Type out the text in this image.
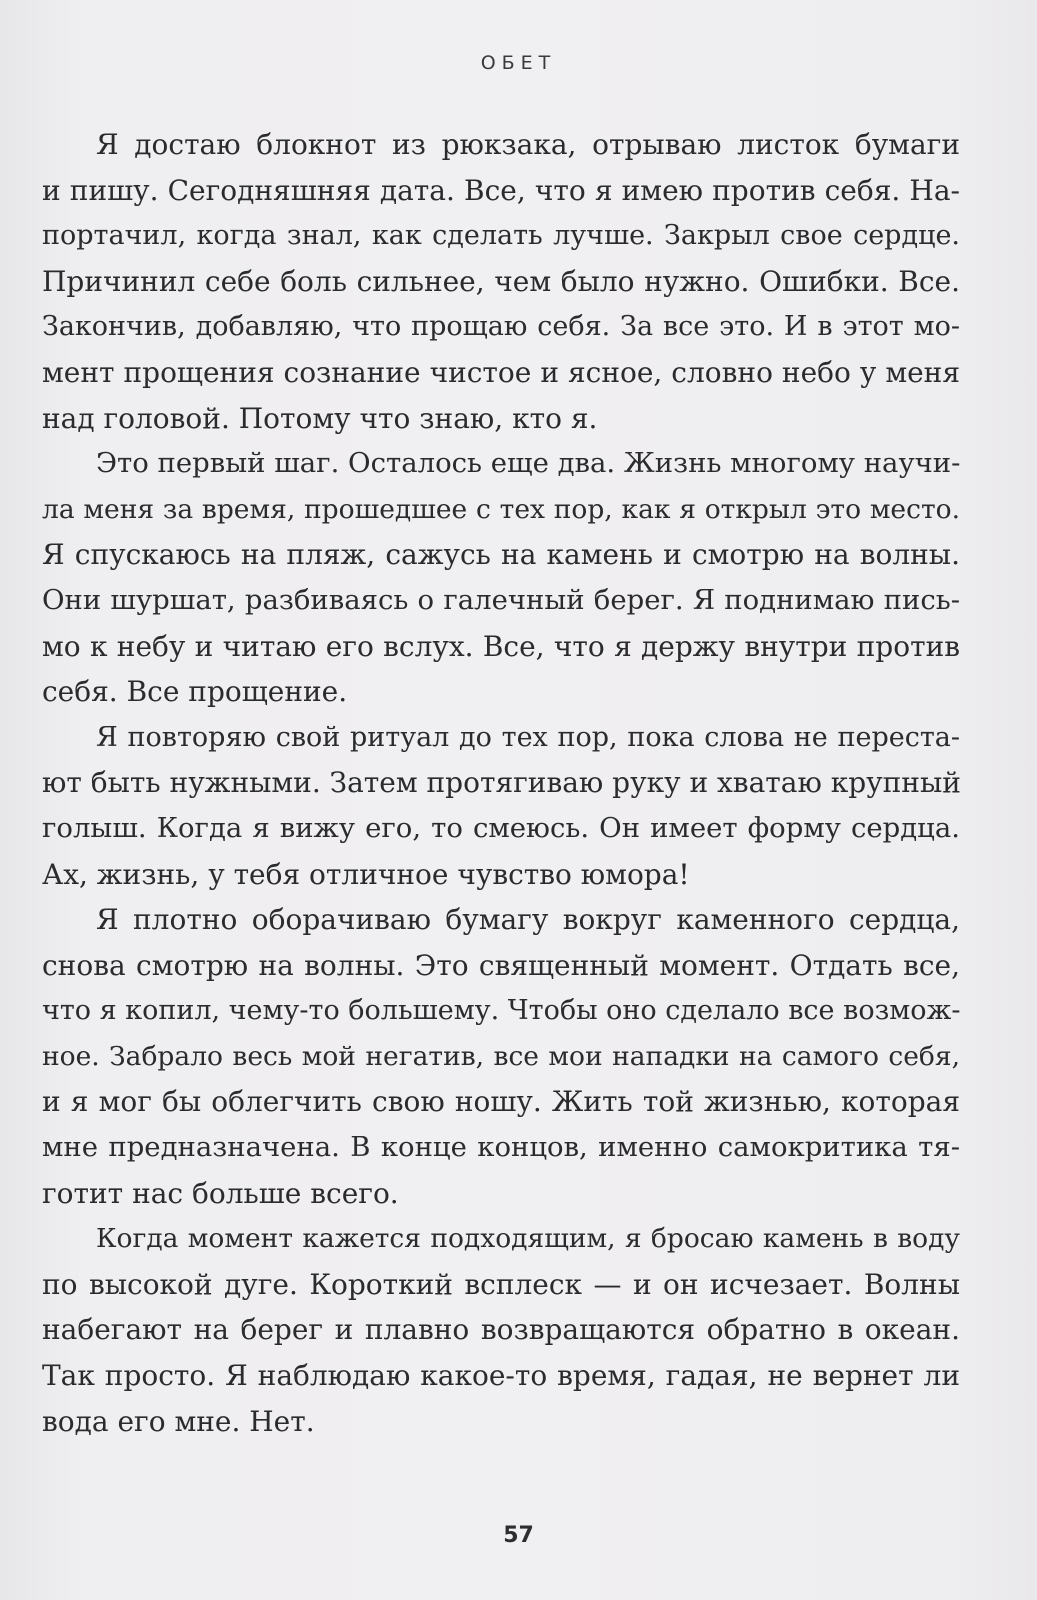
ОБЕТ
Я достаю блокнот из рюкзака, отрываю листок бумаги
и пишу. Сегодняшняя дата. Все, что я имею против себя. На-
портачил, когда знал, как сделать лучше. Закрыл свое сердце.
Причинил себе боль сильнее, чем было нужно. Ошибки. Все.
Закончив, добавляю, что прощаю себя. За все это. И в этот мо-
мент прощения сознание чистое и ясное, словно небо у меня
над головой. Потому что знаю, кто я.
Это первый шаг. Осталось еще два. Жизнь многому научи-
ла меня за время, прошедшее с тех пор, как я открыл это место.
Я спускаюсь на пляж, сажусь на камень и смотрю на волны.
Они шуршат, разбиваясь о галечный берег. Я поднимаю пись-
мо к небу и читаю его вслух. Все, что я держу внутри против
себя. Все прощение.
Я повторяю свой ритуал до тех пор, пока слова не переста-
ют быть нужными. Затем протягиваю руку и хватаю крупный
голыш. Когда я вижу его, то смеюсь. Он имеет форму сердца.
Ах, жизнь, у тебя отличное чувство юмора!
Я плотно оборачиваю бумагу вокруг каменного сердца,
снова смотрю на волны. Это священный момент. Отдать все,
что я копил, чему-то большему. Чтобы оно сделало все возмож-
ное. Забрало весь мой негатив, все мои нападки на самого себя,
и я мог бы облегчить свою ношу. Жить той жизнью, которая
мне предназначена. В конце концов, именно самокритика тя-
готит нас больше всего.
Когда момент кажется подходящим, я бросаю камень в воду
по высокой дуге. Короткий всплеск — и он исчезает. Волны
набегают на берег и плавно возвращаются обратно в океан.
Так просто. Я наблюдаю какое-то время, гадая, не вернет ли
вода его мне. Нет.
57
